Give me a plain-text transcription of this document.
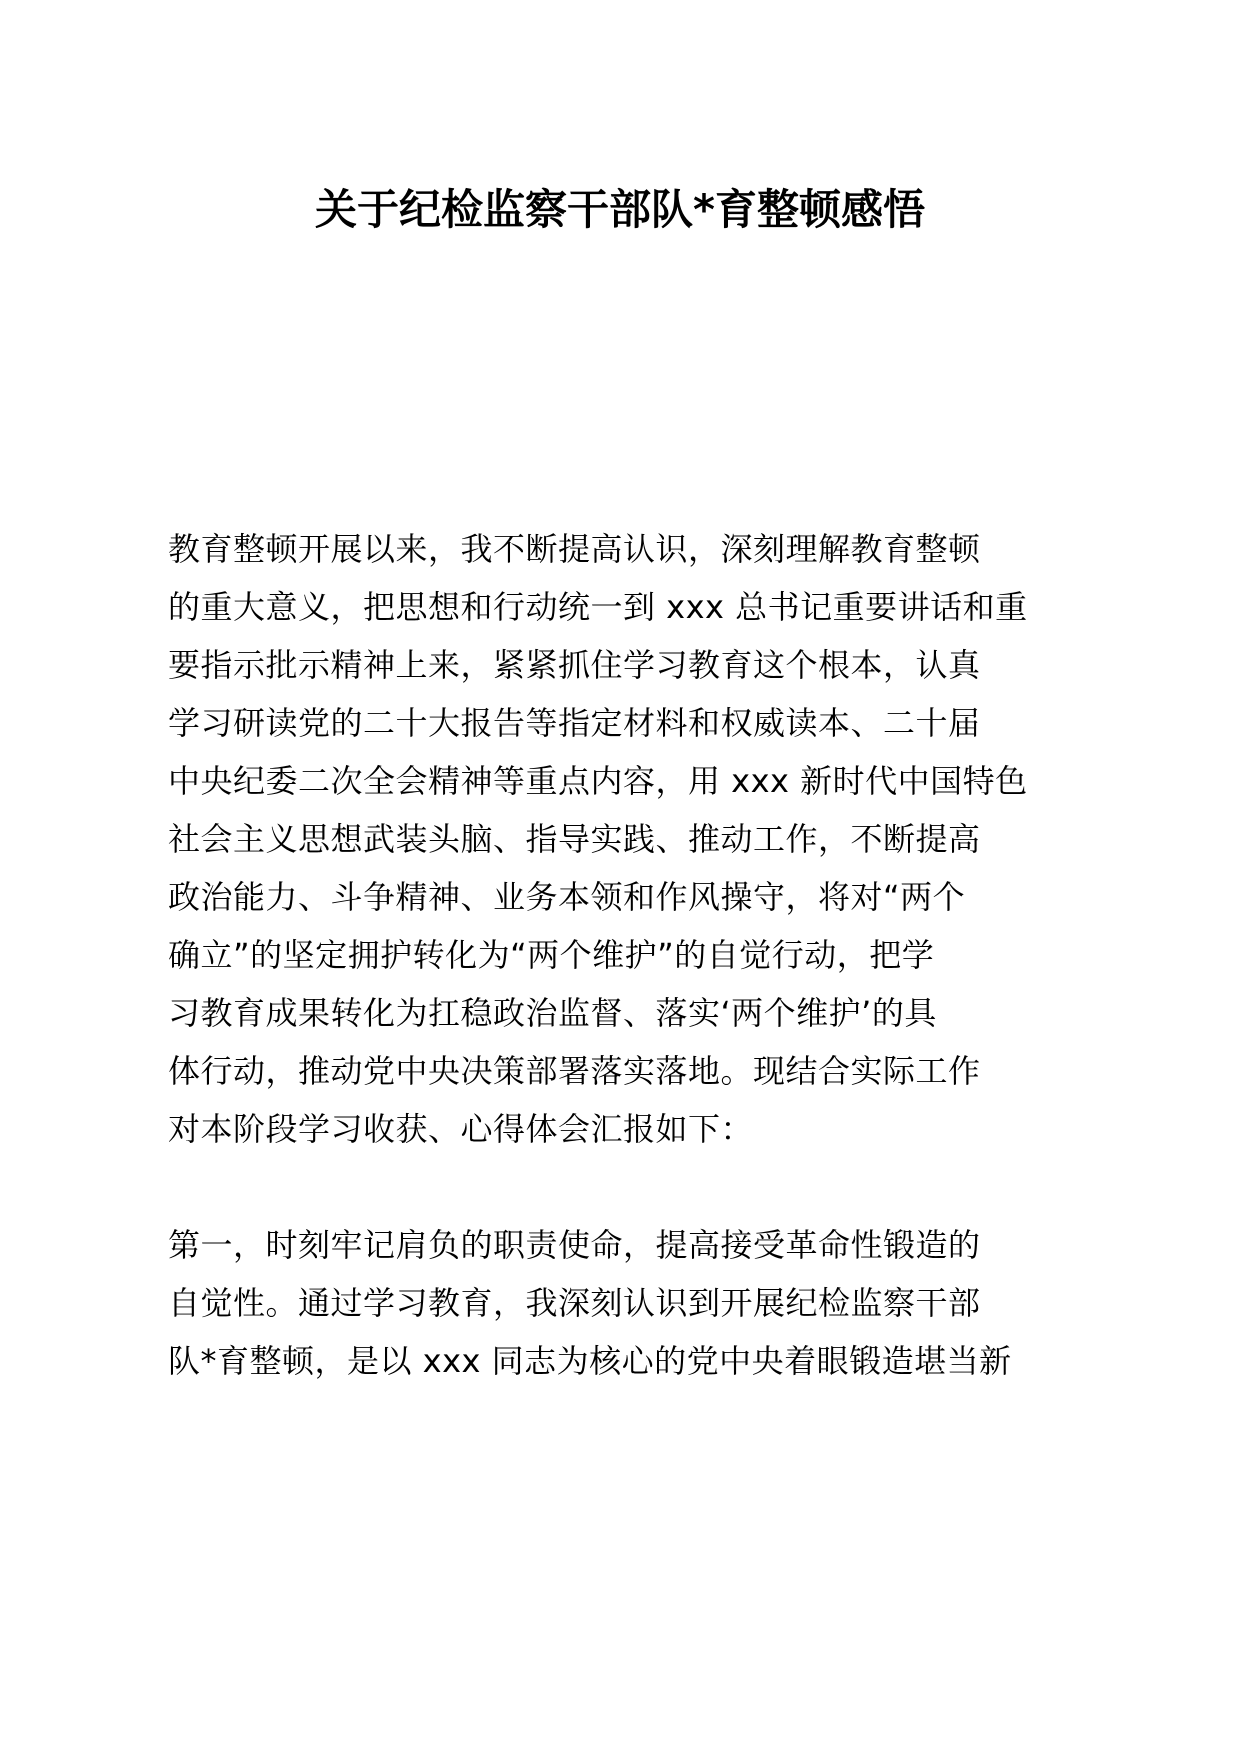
关于纪检监察干部队*育整顿感悟
教育整顿开展以来，我不断提高认识，深刻理解教育整顿
的重大意义，把思想和行动统一到 xxx 总书记重要讲话和重
要指示批示精神上来，紧紧抓住学习教育这个根本，认真
学习研读党的二十大报告等指定材料和权威读本、二十届
中央纪委二次全会精神等重点内容，用 xxx 新时代中国特色
社会主义思想武装头脑、指导实践、推动工作，不断提高
政治能力、斗争精神、业务本领和作风操守，将对“两个
确立”的坚定拥护转化为“两个维护”的自觉行动，把学
习教育成果转化为扛稳政治监督、落实‘两个维护’的具
体行动，推动党中央决策部署落实落地。现结合实际工作
对本阶段学习收获、心得体会汇报如下：
第一，时刻牢记肩负的职责使命，提高接受革命性锻造的
自觉性。通过学习教育，我深刻认识到开展纪检监察干部
队*育整顿，是以 xxx 同志为核心的党中央着眼锻造堪当新
